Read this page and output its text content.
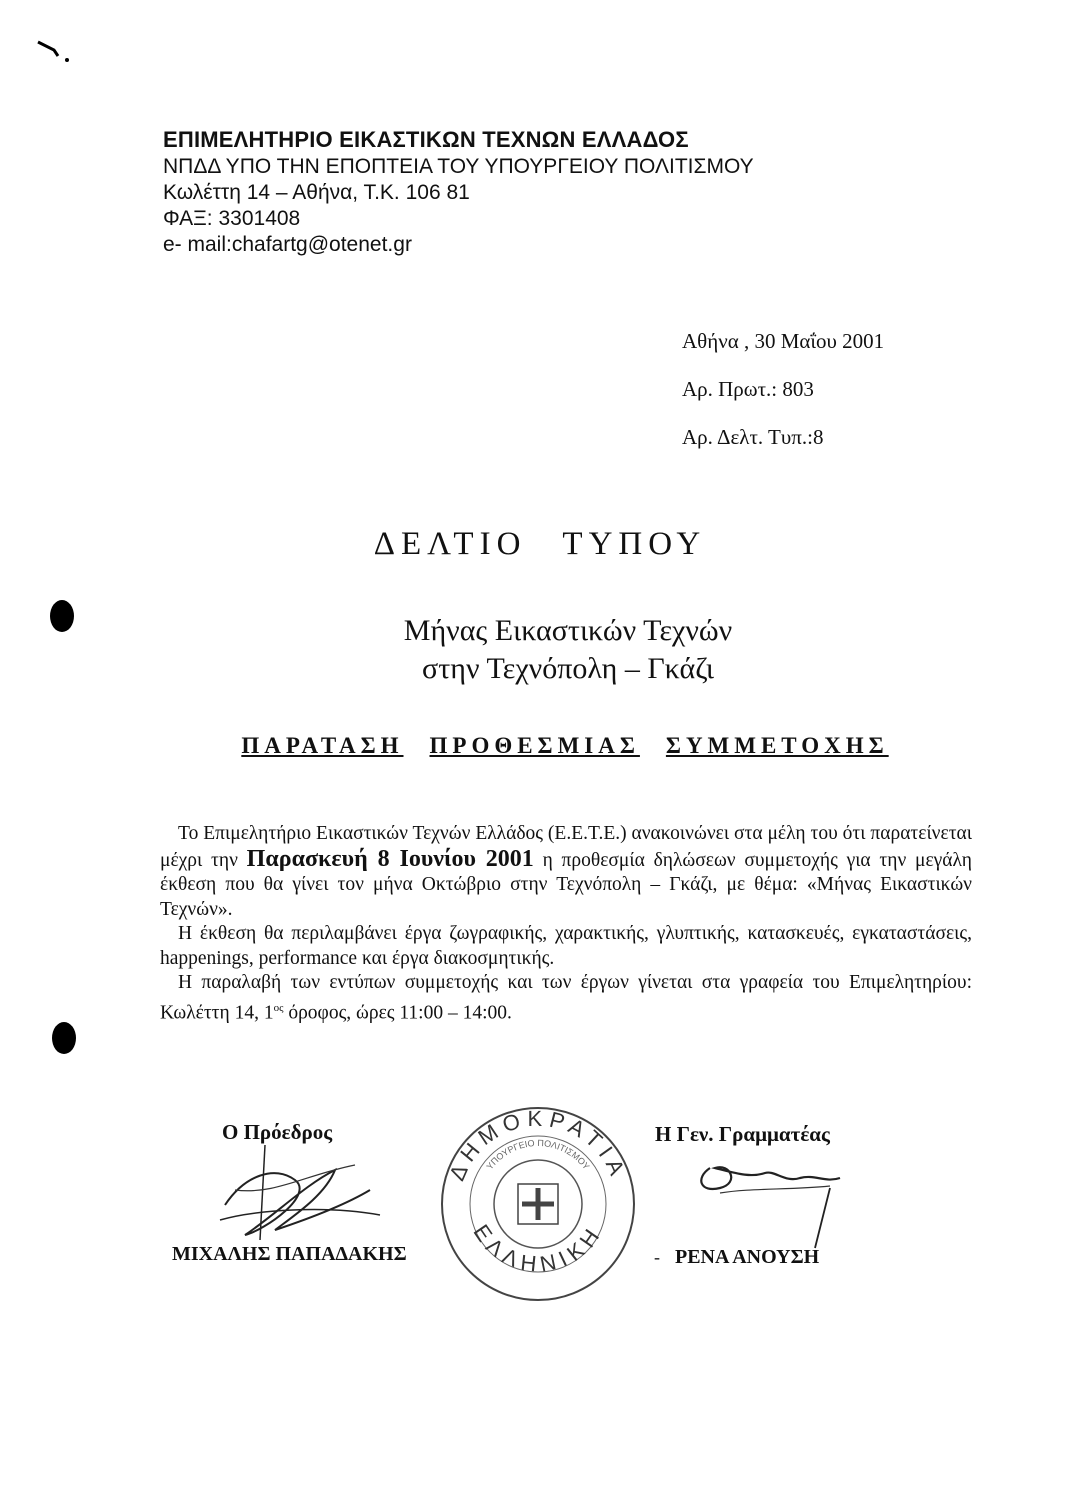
ΕΠΙΜΕΛΗΤΗΡΙΟ ΕΙΚΑΣΤΙΚΩΝ ΤΕΧΝΩΝ ΕΛΛΑΔΟΣ
ΝΠΔΔ ΥΠΟ ΤΗΝ ΕΠΟΠΤΕΙΑ ΤΟΥ ΥΠΟΥΡΓΕΙΟΥ ΠΟΛΙΤΙΣΜΟΥ
Κωλέττη 14 – Αθήνα, Τ.Κ. 106 81
ΦΑΞ: 3301408
e- mail:chafartg@otenet.gr
Αθήνα , 30 Μαΐου 2001
Αρ. Πρωτ.: 803
Αρ. Δελτ. Τυπ.:8
ΔΕΛΤΙΟ ΤΥΠΟΥ
Μήνας Εικαστικών Τεχνών
στην Τεχνόπολη – Γκάζι
ΠΑΡΑΤΑΣΗ ΠΡΟΘΕΣΜΙΑΣ ΣΥΜΜΕΤΟΧΗΣ

Το Επιμελητήριο Εικαστικών Τεχνών Ελλάδος (Ε.Ε.Τ.Ε.) ανακοινώνει στα μέλη του ότι παρατείνεται μέχρι την Παρασκευή 8 Ιουνίου 2001 η προθεσμία δηλώσεων συμμετοχής για την μεγάλη έκθεση που θα γίνει τον μήνα Οκτώβριο στην Τεχνόπολη – Γκάζι, με θέμα: «Μήνας Εικαστικών Τεχνών».

Η έκθεση θα περιλαμβάνει έργα ζωγραφικής, χαρακτικής, γλυπτικής, κατασκευές, εγκαταστάσεις, happenings, performance και έργα διακοσμητικής.

Η παραλαβή των εντύπων συμμετοχής και των έργων γίνεται στα γραφεία του Επιμελητηρίου: Κωλέττη 14, $1^{o\varsigma}$ όροφος, ώρες 11:00 – 14:00.

Ο Πρόεδρος	Η Γεν. Γραμματέας
ΔΗΜΟΚΡΑΤΙΑ
ΕΛΛΗΝΙΚΗ
ΥΠΟΥΡΓΕΙΟ ΠΟΛΙΤΙΣΜΟΥ
ΜΙΧΑΛΗΣ ΠΑΠΑΔΑΚΗΣ	- ΡΕΝΑ ΑΝΟΥΣΗ
